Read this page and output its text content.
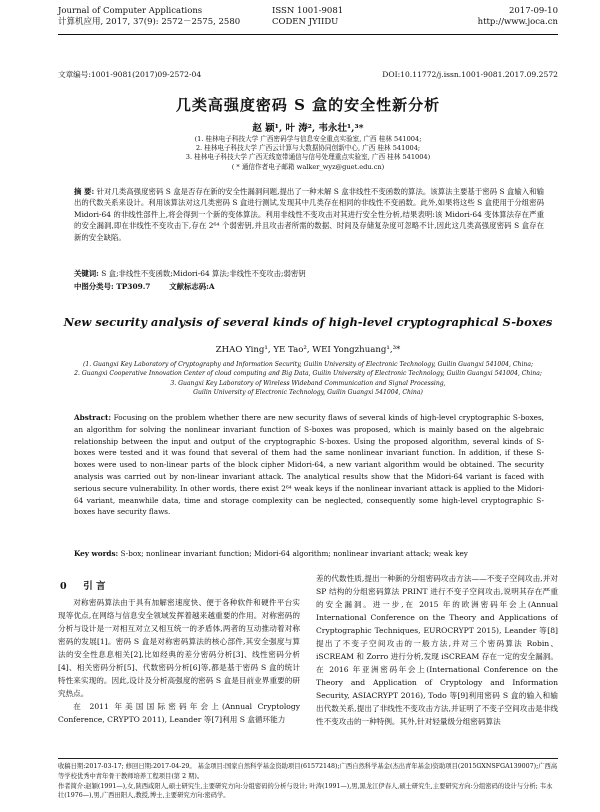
Journal of Computer Applications
计算机应用, 2017, 37(9): 2572－2575, 2580
ISSN 1001-9081
CODEN JYIIDU
2017-09-10
http://www.joca.cn
文章编号:1001-9081(2017)09-2572-04	DOI:10.11772/j.issn.1001-9081.2017.09.2572
几类高强度密码 S 盒的安全性新分析
赵 颖¹, 叶 涛², 韦永壮¹,³*
(1. 桂林电子科技大学 广西密码学与信息安全重点实验室, 广西 桂林 541004;
2. 桂林电子科技大学 广西云计算与大数据协同创新中心, 广西 桂林 541004;
3. 桂林电子科技大学 广西无线宽带通信与信号处理重点实验室, 广西 桂林 541004)
( * 通信作者电子邮箱 walker_wyz@guet.edu.cn)
摘 要: 针对几类高强度密码 S 盒是否存在新的安全性漏洞问题,提出了一种未解 S 盒非线性不变函数的算法。该算法主要基于密码 S 盒输入和输出的代数关系来设计。利用该算法对这几类密码 S 盒进行测试,发现其中几类存在相同的非线性不变函数。此外,如果将这些 S 盒使用于分组密码 Midori-64 的非线性部件上,将会得到一个新的变体算法。利用非线性不变攻击对其进行安全性分析,结果表明:该 Midori-64 变体算法存在严重的安全漏洞,即在非线性不变攻击下,存在 2⁶⁴ 个弱密钥,并且攻击者所需的数据、时间及存储复杂度可忽略不计,因此这几类高强度密码 S 盒存在新的安全缺陷。
关键词: S 盒;非线性不变函数;Midori-64 算法;非线性不变攻击;弱密钥
中图分类号: TP309.7	文献标志码:A
New security analysis of several kinds of high-level cryptographical S-boxes
ZHAO Ying¹, YE Tao², WEI Yongzhuang¹,³*
(1. Guangxi Key Laboratory of Cryptography and Information Security, Guilin University of Electronic Technology, Guilin Guangxi 541004, China;
2. Guangxi Cooperative Innovation Center of cloud computing and Big Data, Guilin University of Electronic Technology, Guilin Guangxi 541004, China;
3. Guangxi Key Laboratory of Wireless Wideband Communication and Signal Processing,
Guilin University of Electronic Technology, Guilin Guangxi 541004, China)
Abstract: Focusing on the problem whether there are new security flaws of several kinds of high-level cryptographic S-boxes, an algorithm for solving the nonlinear invariant function of S-boxes was proposed, which is mainly based on the algebraic relationship between the input and output of the cryptographic S-boxes. Using the proposed algorithm, several kinds of S-boxes were tested and it was found that several of them had the same nonlinear invariant function. In addition, if these S-boxes were used to non-linear parts of the block cipher Midori-64, a new variant algorithm would be obtained. The security analysis was carried out by non-linear invariant attack. The analytical results show that the Midori-64 variant is faced with serious secure vulnerability. In other words, there exist 2⁶⁴ weak keys if the nonlinear invariant attack is applied to the Midori-64 variant, meanwhile data, time and storage complexity can be neglected, consequently some high-level cryptographic S-boxes have security flaws.
Key words: S-box; nonlinear invariant function; Midori-64 algorithm; nonlinear invariant attack; weak key
0 引 言

对称密码算法由于具有加解密速度快、便于各种软件和硬件平台实现等优点,在网络与信息安全领域发挥着越来越重要的作用。对称密码的分析与设计是一对相互对立又相互统一的矛盾体,两者的互动推动着对称密码的发展[1]。密码 S 盒是对称密码算法的核心部件,其安全强度与算法的安全性息息相关[2],比如经典的差分密码分析[3]、线性密码分析[4]、相关密码分析[5]、代数密码分析[6]等,都是基于密码 S 盒的统计特性来实现的。因此,设计及分析高强度的密码 S 盒是目前业界重要的研究热点。

在 2011 年美国国际密码年会上(Annual Cryptology Conference, CRYPTO 2011), Leander 等[7]利用 S 盒循环能力

差的代数性质,提出一种新的分组密码攻击方法——不变子空间攻击,并对 SP 结构的分组密码算法 PRINT 进行不变子空间攻击,说明其存在严重的安全漏洞。进一步,在 2015 年的欧洲密码年会上(Annual International Conference on the Theory and Applications of Cryptographic Techniques, EUROCRYPT 2015), Leander 等[8]提出了不变子空间攻击的一般方法,并对三个密码算法 Robin、iSCREAM 和 Zorro 进行分析,发现 iSCREAM 存在一定的安全漏洞。在 2016 年亚洲密码年会上(International Conference on the Theory and Application of Cryptology and Information Security, ASIACRYPT 2016), Todo 等[9]利用密码 S 盒的输入和输出代数关系,提出了非线性不变攻击方法,并证明了不变子空间攻击是非线性不变攻击的一种特例。其外,针对轻量级分组密码算法

收稿日期:2017-03-17; 修回日期:2017-04-29。 基金项目:国家自然科学基金资助项目(61572148);广西自然科学基金(杰出青年基金)资助项目(2015GXNSFGA139007);广西高等学校优秀中青年骨干教师培养工程项目(第 2 期)。
作者简介:赵颖(1991—),女,陕西咸阳人,硕士研究生,主要研究方向:分组密码的分析与设计; 叶涛(1991—),男,黑龙江伊春人,硕士研究生,主要研究方向:分组密码的设计与分析; 韦永壮(1976—),男,广西田阳人,教授,博士,主要研究方向:密码学。
